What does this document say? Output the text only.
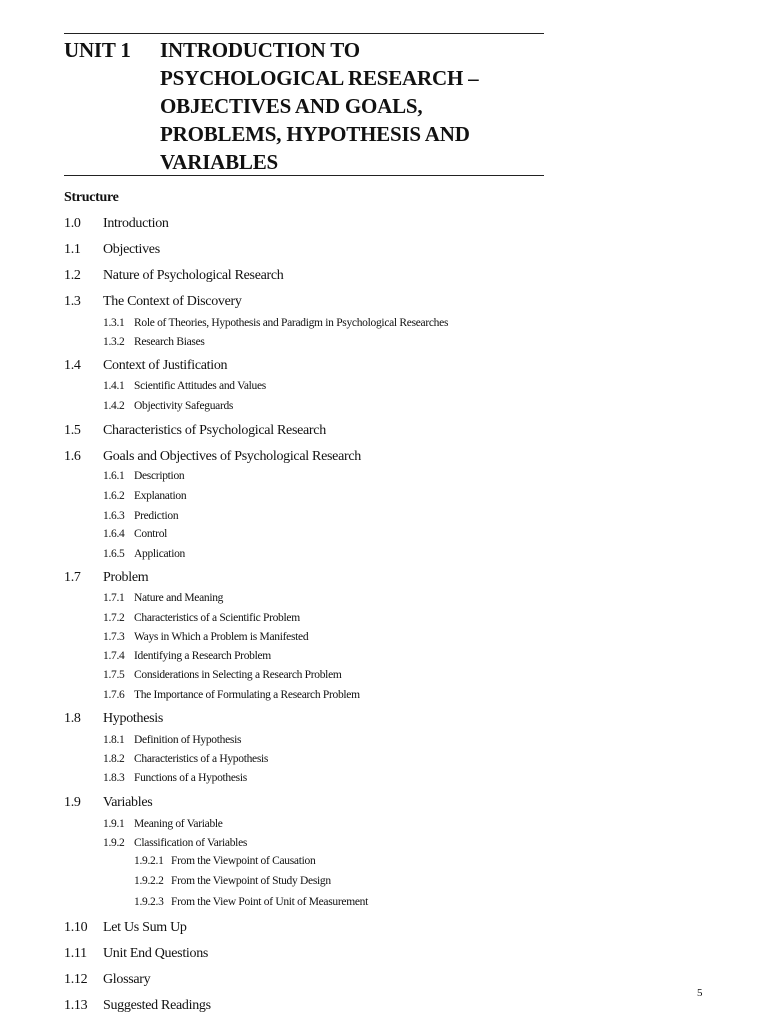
UNIT 1 INTRODUCTION TO
PSYCHOLOGICAL RESEARCH –
OBJECTIVES AND GOALS,
PROBLEMS, HYPOTHESIS AND
VARIABLES
Structure
1.0 Introduction
1.1 Objectives
1.2 Nature of Psychological Research
1.3 The Context of Discovery
1.3.1 Role of Theories, Hypothesis and Paradigm in Psychological Researches
1.3.2 Research Biases
1.4 Context of Justification
1.4.1 Scientific Attitudes and Values
1.4.2 Objectivity Safeguards
1.5 Characteristics of Psychological Research
1.6 Goals and Objectives of Psychological Research
1.6.1 Description
1.6.2 Explanation
1.6.3 Prediction
1.6.4 Control
1.6.5 Application
1.7 Problem
1.7.1 Nature and Meaning
1.7.2 Characteristics of a Scientific Problem
1.7.3 Ways in Which a Problem is Manifested
1.7.4 Identifying a Research Problem
1.7.5 Considerations in Selecting a Research Problem
1.7.6 The Importance of Formulating a Research Problem
1.8 Hypothesis
1.8.1 Definition of Hypothesis
1.8.2 Characteristics of a Hypothesis
1.8.3 Functions of a Hypothesis
1.9 Variables
1.9.1 Meaning of Variable
1.9.2 Classification of Variables
1.9.2.1 From the Viewpoint of Causation
1.9.2.2 From the Viewpoint of Study Design
1.9.2.3 From the View Point of Unit of Measurement
1.10 Let Us Sum Up
1.11 Unit End Questions
1.12 Glossary
1.13 Suggested Readings
5
